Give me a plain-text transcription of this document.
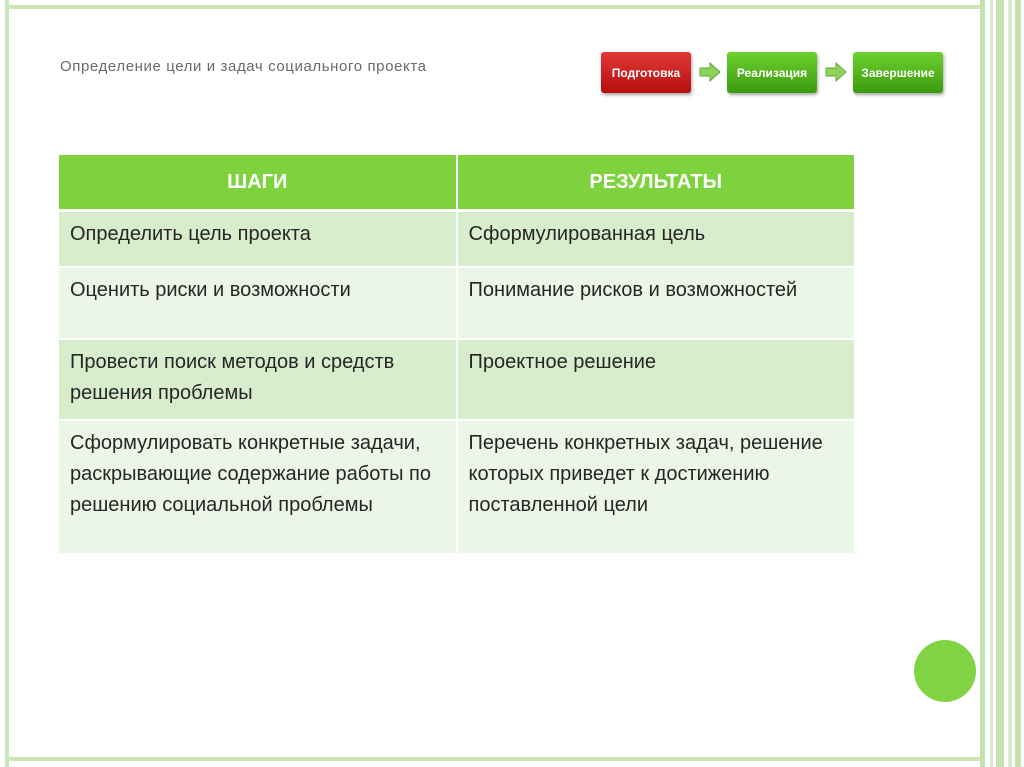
Определение цели и задач социального проекта	Подготовка	Реализация	Завершение
ШАГИ	РЕЗУЛЬТАТЫ
Определить цель проекта	Сформулированная цель
Оценить риски и возможности	Понимание рисков и возможностей
Провести поиск методов и средств решения проблемы	Проектное решение
Сформулировать конкретные задачи, раскрывающие содержание работы по решению социальной проблемы	Перечень конкретных задач, решение которых приведет к достижению поставленной цели
